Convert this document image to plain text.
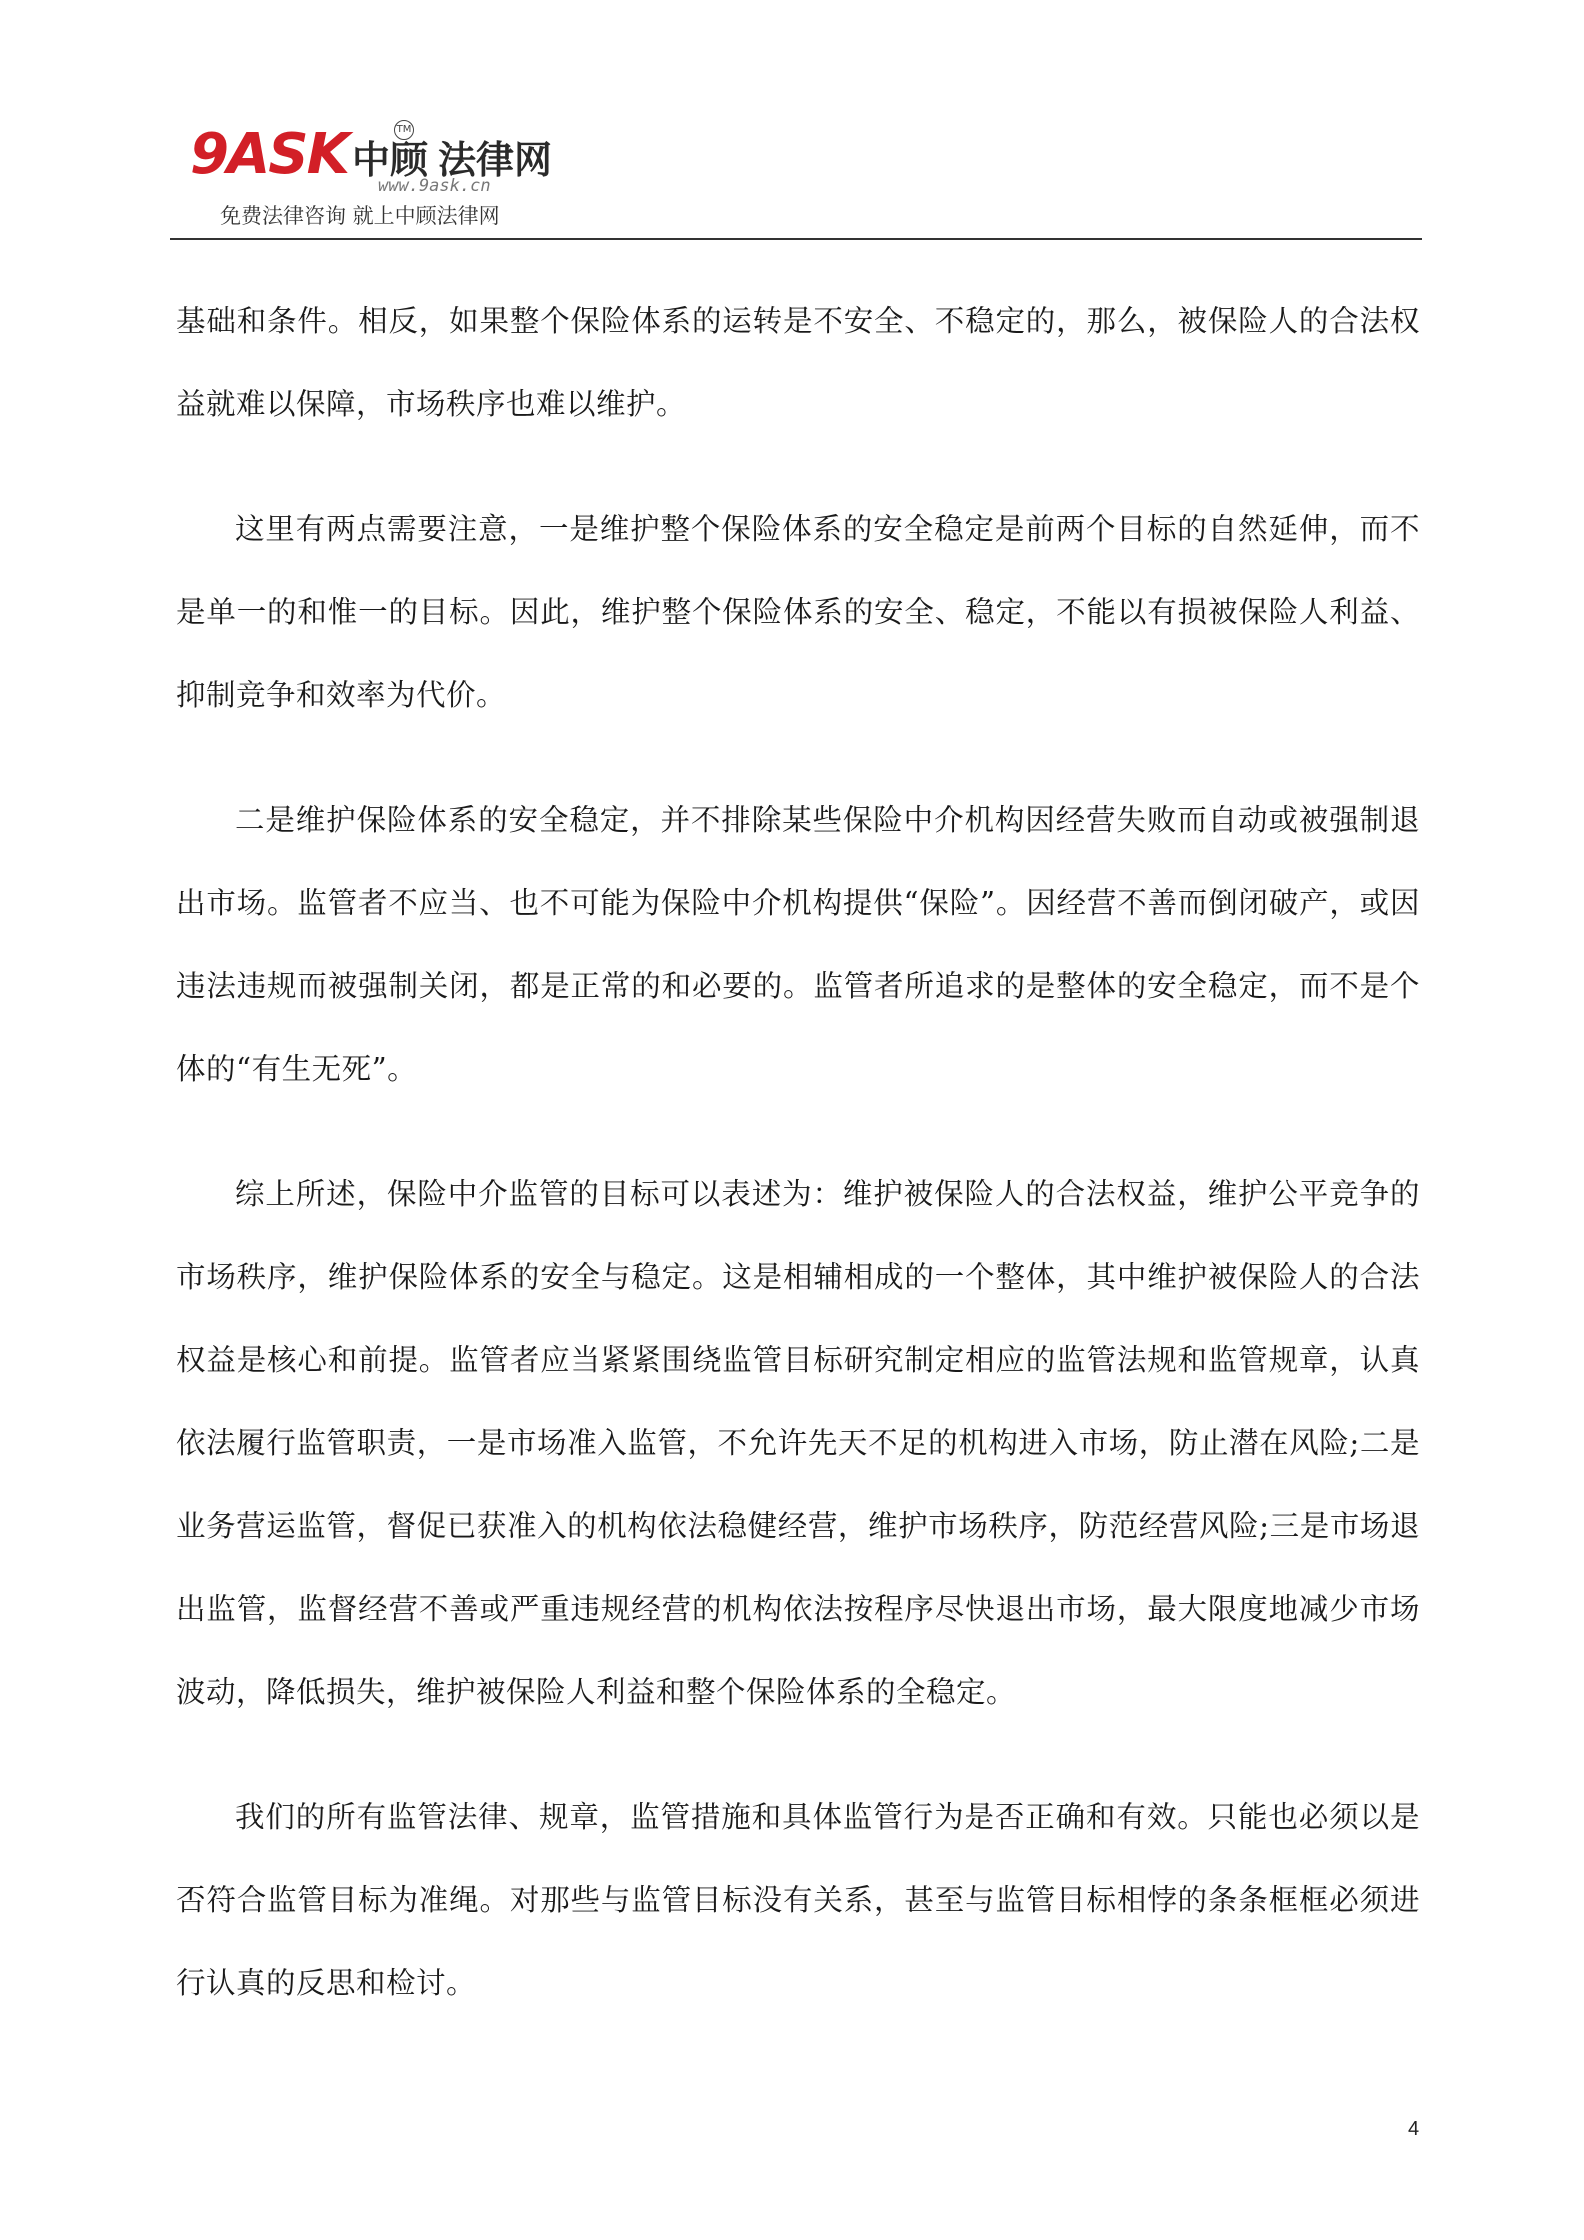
9ASK 中顾 法律网
TM
www.9ask.cn
免费法律咨询 就上中顾法律网

基础和条件。相反，如果整个保险体系的运转是不安全、不稳定的，那么，被保险人的合法权益就难以保障，市场秩序也难以维护。

这里有两点需要注意，一是维护整个保险体系的安全稳定是前两个目标的自然延伸，而不是单一的和惟一的目标。因此，维护整个保险体系的安全、稳定，不能以有损被保险人利益、抑制竞争和效率为代价。

二是维护保险体系的安全稳定，并不排除某些保险中介机构因经营失败而自动或被强制退出市场。监管者不应当、也不可能为保险中介机构提供“保险”。因经营不善而倒闭破产，或因违法违规而被强制关闭，都是正常的和必要的。监管者所追求的是整体的安全稳定，而不是个体的“有生无死”。

综上所述，保险中介监管的目标可以表述为：维护被保险人的合法权益，维护公平竞争的市场秩序，维护保险体系的安全与稳定。这是相辅相成的一个整体，其中维护被保险人的合法权益是核心和前提。监管者应当紧紧围绕监管目标研究制定相应的监管法规和监管规章，认真依法履行监管职责，一是市场准入监管，不允许先天不足的机构进入市场，防止潜在风险;二是业务营运监管，督促已获准入的机构依法稳健经营，维护市场秩序，防范经营风险;三是市场退出监管，监督经营不善或严重违规经营的机构依法按程序尽快退出市场，最大限度地减少市场波动，降低损失，维护被保险人利益和整个保险体系的全稳定。

我们的所有监管法律、规章，监管措施和具体监管行为是否正确和有效。只能也必须以是否符合监管目标为准绳。对那些与监管目标没有关系，甚至与监管目标相悖的条条框框必须进行认真的反思和检讨。

4
